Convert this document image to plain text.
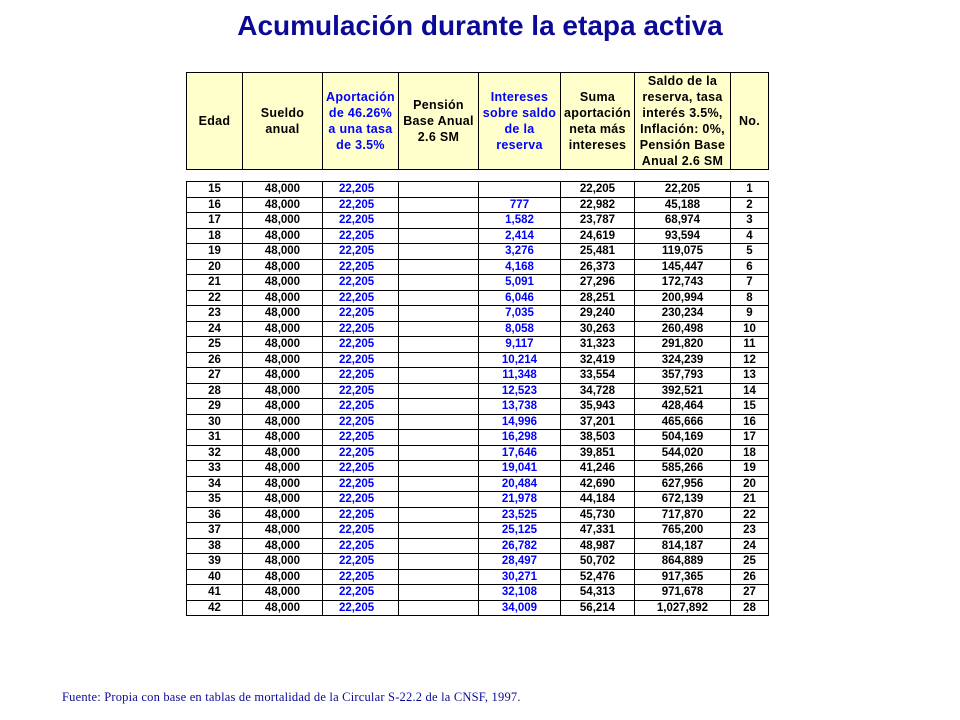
Acumulación durante la etapa activa
Edad	Sueldo anual	Aportación de 46.26% a una tasa de 3.5%	Pensión Base Anual 2.6 SM	Intereses sobre saldo de la reserva	Suma aportación neta más intereses	Saldo de la reserva, tasa interés 3.5%, Inflación: 0%, Pensión Base Anual 2.6 SM	No.
15	48,000	22,205			22,205	22,205	1
16	48,000	22,205		777	22,982	45,188	2
17	48,000	22,205		1,582	23,787	68,974	3
18	48,000	22,205		2,414	24,619	93,594	4
19	48,000	22,205		3,276	25,481	119,075	5
20	48,000	22,205		4,168	26,373	145,447	6
21	48,000	22,205		5,091	27,296	172,743	7
22	48,000	22,205		6,046	28,251	200,994	8
23	48,000	22,205		7,035	29,240	230,234	9
24	48,000	22,205		8,058	30,263	260,498	10
25	48,000	22,205		9,117	31,323	291,820	11
26	48,000	22,205		10,214	32,419	324,239	12
27	48,000	22,205		11,348	33,554	357,793	13
28	48,000	22,205		12,523	34,728	392,521	14
29	48,000	22,205		13,738	35,943	428,464	15
30	48,000	22,205		14,996	37,201	465,666	16
31	48,000	22,205		16,298	38,503	504,169	17
32	48,000	22,205		17,646	39,851	544,020	18
33	48,000	22,205		19,041	41,246	585,266	19
34	48,000	22,205		20,484	42,690	627,956	20
35	48,000	22,205		21,978	44,184	672,139	21
36	48,000	22,205		23,525	45,730	717,870	22
37	48,000	22,205		25,125	47,331	765,200	23
38	48,000	22,205		26,782	48,987	814,187	24
39	48,000	22,205		28,497	50,702	864,889	25
40	48,000	22,205		30,271	52,476	917,365	26
41	48,000	22,205		32,108	54,313	971,678	27
42	48,000	22,205		34,009	56,214	1,027,892	28
Fuente: Propia con base en tablas de mortalidad de la Circular S-22.2 de la CNSF, 1997.
